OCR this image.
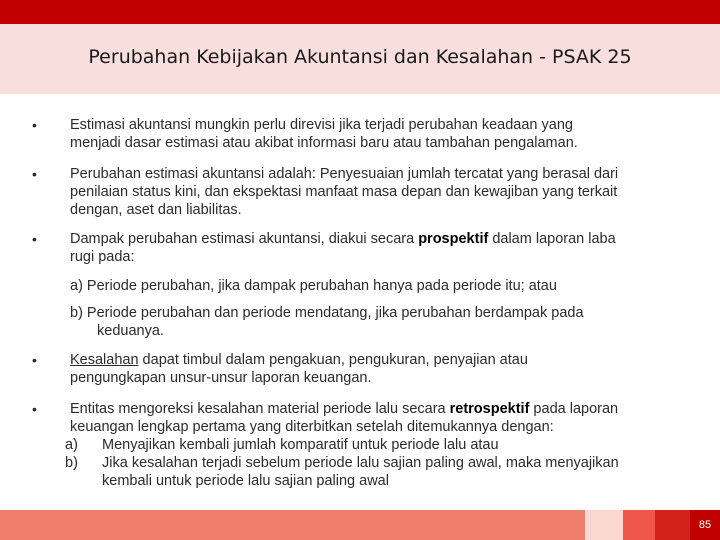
Perubahan Kebijakan Akuntansi dan Kesalahan - PSAK 25
• Estimasi akuntansi mungkin perlu direvisi jika terjadi perubahan keadaan yang
menjadi dasar estimasi atau akibat informasi baru atau tambahan pengalaman.
• Perubahan estimasi akuntansi adalah: Penyesuaian jumlah tercatat yang berasal dari
penilaian status kini, dan ekspektasi manfaat masa depan dan kewajiban yang terkait
dengan, aset dan liabilitas.
• Dampak perubahan estimasi akuntansi, diakui secara prospektif dalam laporan laba
rugi pada:
a) Periode perubahan, jika dampak perubahan hanya pada periode itu; atau
b) Periode perubahan dan periode mendatang, jika perubahan berdampak pada
keduanya.
• Kesalahan dapat timbul dalam pengakuan, pengukuran, penyajian atau
pengungkapan unsur-unsur laporan keuangan.
• Entitas mengoreksi kesalahan material periode lalu secara retrospektif pada laporan
keuangan lengkap pertama yang diterbitkan setelah ditemukannya dengan:
a) Menyajikan kembali jumlah komparatif untuk periode lalu atau
b) Jika kesalahan terjadi sebelum periode lalu sajian paling awal, maka menyajikan
kembali untuk periode lalu sajian paling awal
85
